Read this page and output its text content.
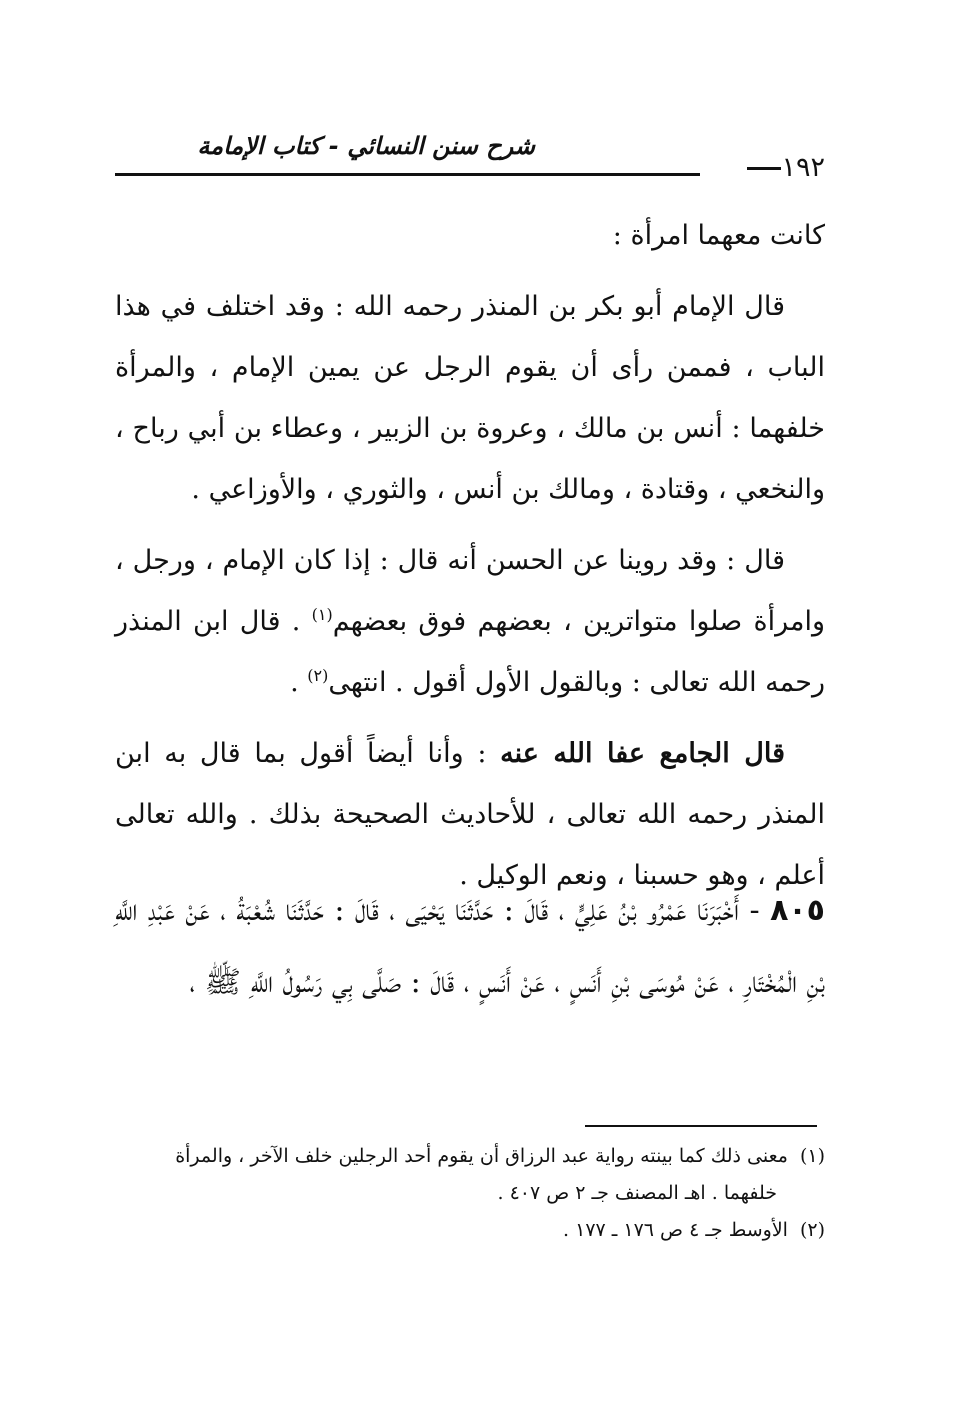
شرح سنن النسائي - كتاب الإمامة
١٩٢

كانت معهما امرأة :

قال الإمام أبو بكر بن المنذر رحمه الله : وقد اختلف في هذا الباب ، فممن رأى أن يقوم الرجل عن يمين الإمام ، والمرأة خلفهما : أنس بن مالك ، وعروة بن الزبير ، وعطاء بن أبي رباح ، والنخعي ، وقتادة ، ومالك بن أنس ، والثوري ، والأوزاعي .

قال : وقد روينا عن الحسن أنه قال : إذا كان الإمام ، ورجل ، وامرأة صلوا متواترين ، بعضهم فوق بعضهم$^{(١)}$ . قال ابن المنذر رحمه الله تعالى : وبالقول الأول أقول . انتهى$^{(٢)}$ .

قال الجامع عفا الله عنه : وأنا أيضاً أقول بما قال به ابن المنذر رحمه الله تعالى ، للأحاديث الصحيحة بذلك . والله تعالى أعلم ، وهو حسبنا ، ونعم الوكيل .

٨٠٥ - أَخْبَرَنَا عَمْرُو بْنُ عَلِيٍّ ، قَالَ : حَدَّثَنَا يَحْيَى ، قَالَ : حَدَّثَنَا شُعْبَةُ ، عَنْ عَبْدِ اللَّهِ بْنِ الْمُخْتَارِ ، عَنْ مُوسَى بْنِ أَنَسٍ ، عَنْ أَنَسٍ ، قَالَ : صَلَّى بِي رَسُولُ اللَّهِ ﷺ ،

(١)معنى ذلك كما بينته رواية عبد الرزاق أن يقوم أحد الرجلين خلف الآخر ، والمرأة

خلفهما . اهـ المصنف جـ ٢ ص ٤٠٧ .

(٢)الأوسط جـ ٤ ص ١٧٦ ـ ١٧٧ .
